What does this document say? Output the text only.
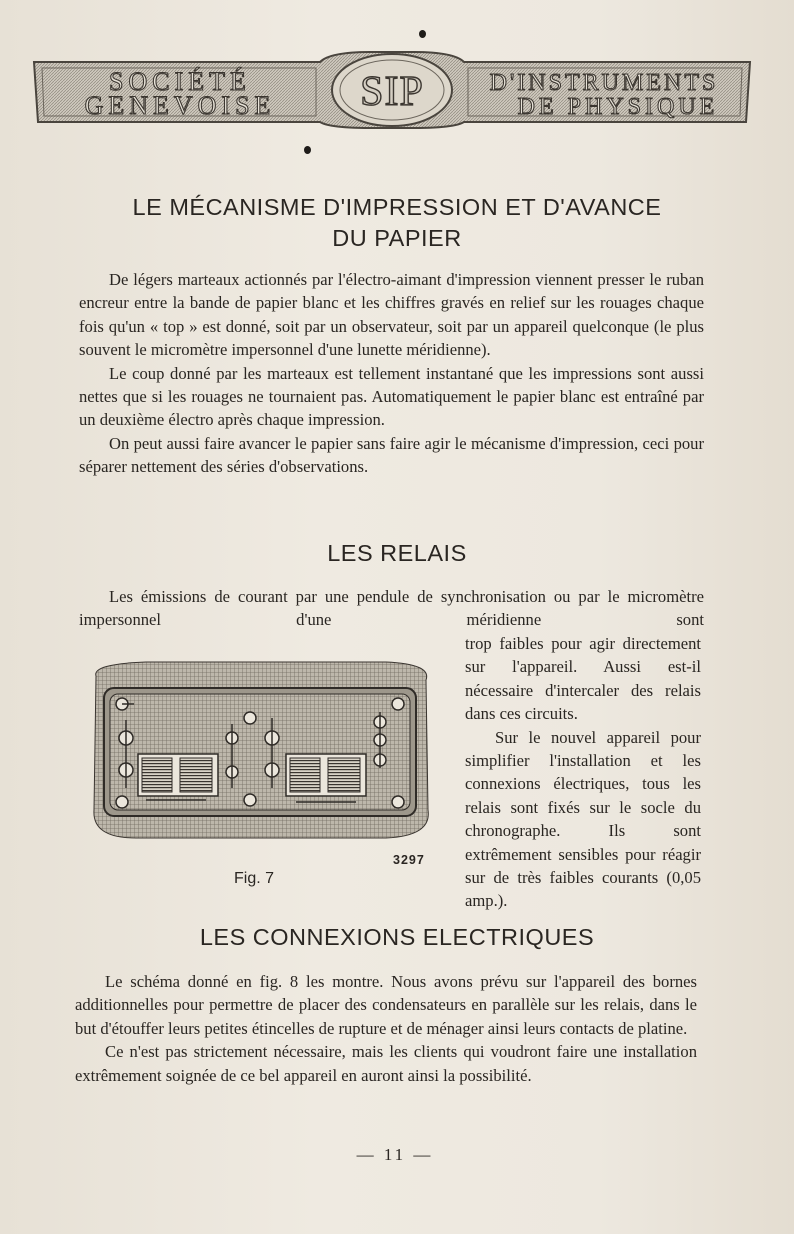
SOCIÉTÉ
GENEVOISE SIP	D'INSTRUMENTS
DE PHYSIQUE
LE MÉCANISME D'IMPRESSION ET D'AVANCE
DU PAPIER

De légers marteaux actionnés par l'électro-aimant d'impression viennent presser le ruban encreur entre la bande de papier blanc et les chiffres gravés en relief sur les rouages chaque fois qu'un « top » est donné, soit par un observateur, soit par un appareil quelconque (le plus souvent le micromètre impersonnel d'une lunette méridienne).

Le coup donné par les marteaux est tellement instantané que les impressions sont aussi nettes que si les rouages ne tournaient pas. Automatiquement le papier blanc est entraîné par un deuxième électro après chaque impression.

On peut aussi faire avancer le papier sans faire agir le mécanisme d'impression, ceci pour séparer nettement des séries d'observations.

LES RELAIS

Les émissions de courant par une pendule de synchronisation ou par le micromètre impersonnel d'une méridienne sont

trop faibles pour agir directement sur l'appareil. Aussi est-il nécessaire d'intercaler des relais dans ces circuits.

Sur le nouvel appareil pour simplifier l'installation et les connexions électriques, tous les relais sont fixés sur le socle du chronographe. Ils sont extrêmement sensibles pour réagir sur de très faibles courants (0,05 amp.).

3297
Fig. 7
LES CONNEXIONS ELECTRIQUES

Le schéma donné en fig. 8 les montre. Nous avons prévu sur l'appareil des bornes additionnelles pour permettre de placer des condensateurs en parallèle sur les relais, dans le but d'étouffer leurs petites étincelles de rupture et de ménager ainsi leurs contacts de platine.

Ce n'est pas strictement nécessaire, mais les clients qui voudront faire une installation extrêmement soignée de ce bel appareil en auront ainsi la possibilité.

— 11 —
